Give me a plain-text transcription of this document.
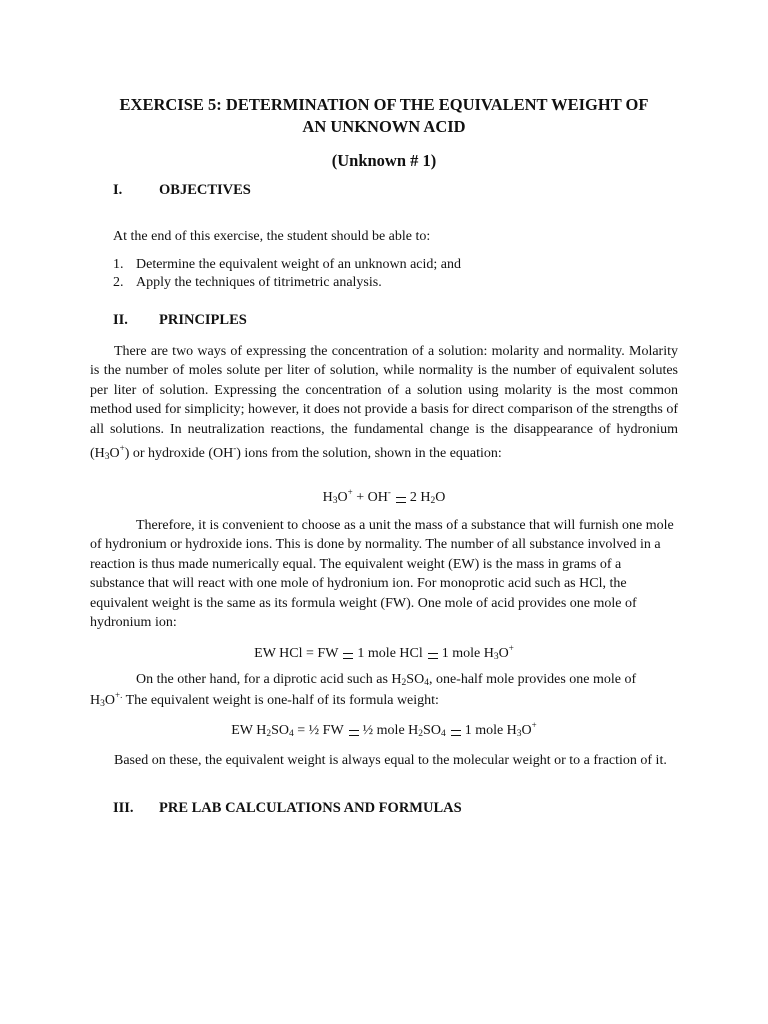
EXERCISE 5: DETERMINATION OF THE EQUIVALENT WEIGHT OF
AN UNKNOWN ACID
(Unknown # 1)
I.	OBJECTIVES
At the end of this exercise, the student should be able to:
1. Determine the equivalent weight of an unknown acid; and
2. Apply the techniques of titrimetric analysis.
II. PRINCIPLES
There are two ways of expressing the concentration of a solution: molarity and normality. Molarity is the number of moles solute per liter of solution, while normality is the number of equivalent solutes per liter of solution. Expressing the concentration of a solution using molarity is the most common method used for simplicity; however, it does not provide a basis for direct comparison of the strengths of all solutions. In neutralization reactions, the fundamental change is the disappearance of hydronium $(H_3O^+)$ or hydroxide (OH-) ions from the solution, shown in the equation:
$H_3O^+ + OH^-$ 2 $H_2O$
Therefore, it is convenient to choose as a unit the mass of a substance that will furnish one mole of hydronium or hydroxide ions. This is done by normality. The number of all substance involved in a reaction is thus made numerically equal. The equivalent weight (EW) is the mass in grams of a substance that will react with one mole of hydronium ion. For monoprotic acid such as HCl, the equivalent weight is the same as its formula weight (FW). One mole of acid provides one mole of hydronium ion:
EW HCl = FW 1 mole HCl 1 mole $H_3O^+$
On the other hand, for a diprotic acid such as $H_2SO_4$, one-half mole provides one mole of
$H_3O^{+.}$ The equivalent weight is one-half of its formula weight:
EW $H_2SO_4$ = ½ FW ½ mole $H_2SO_4$ 1 mole $H_3O^+$
Based on these, the equivalent weight is always equal to the molecular weight or to a fraction of it.
III. PRE LAB CALCULATIONS AND FORMULAS
